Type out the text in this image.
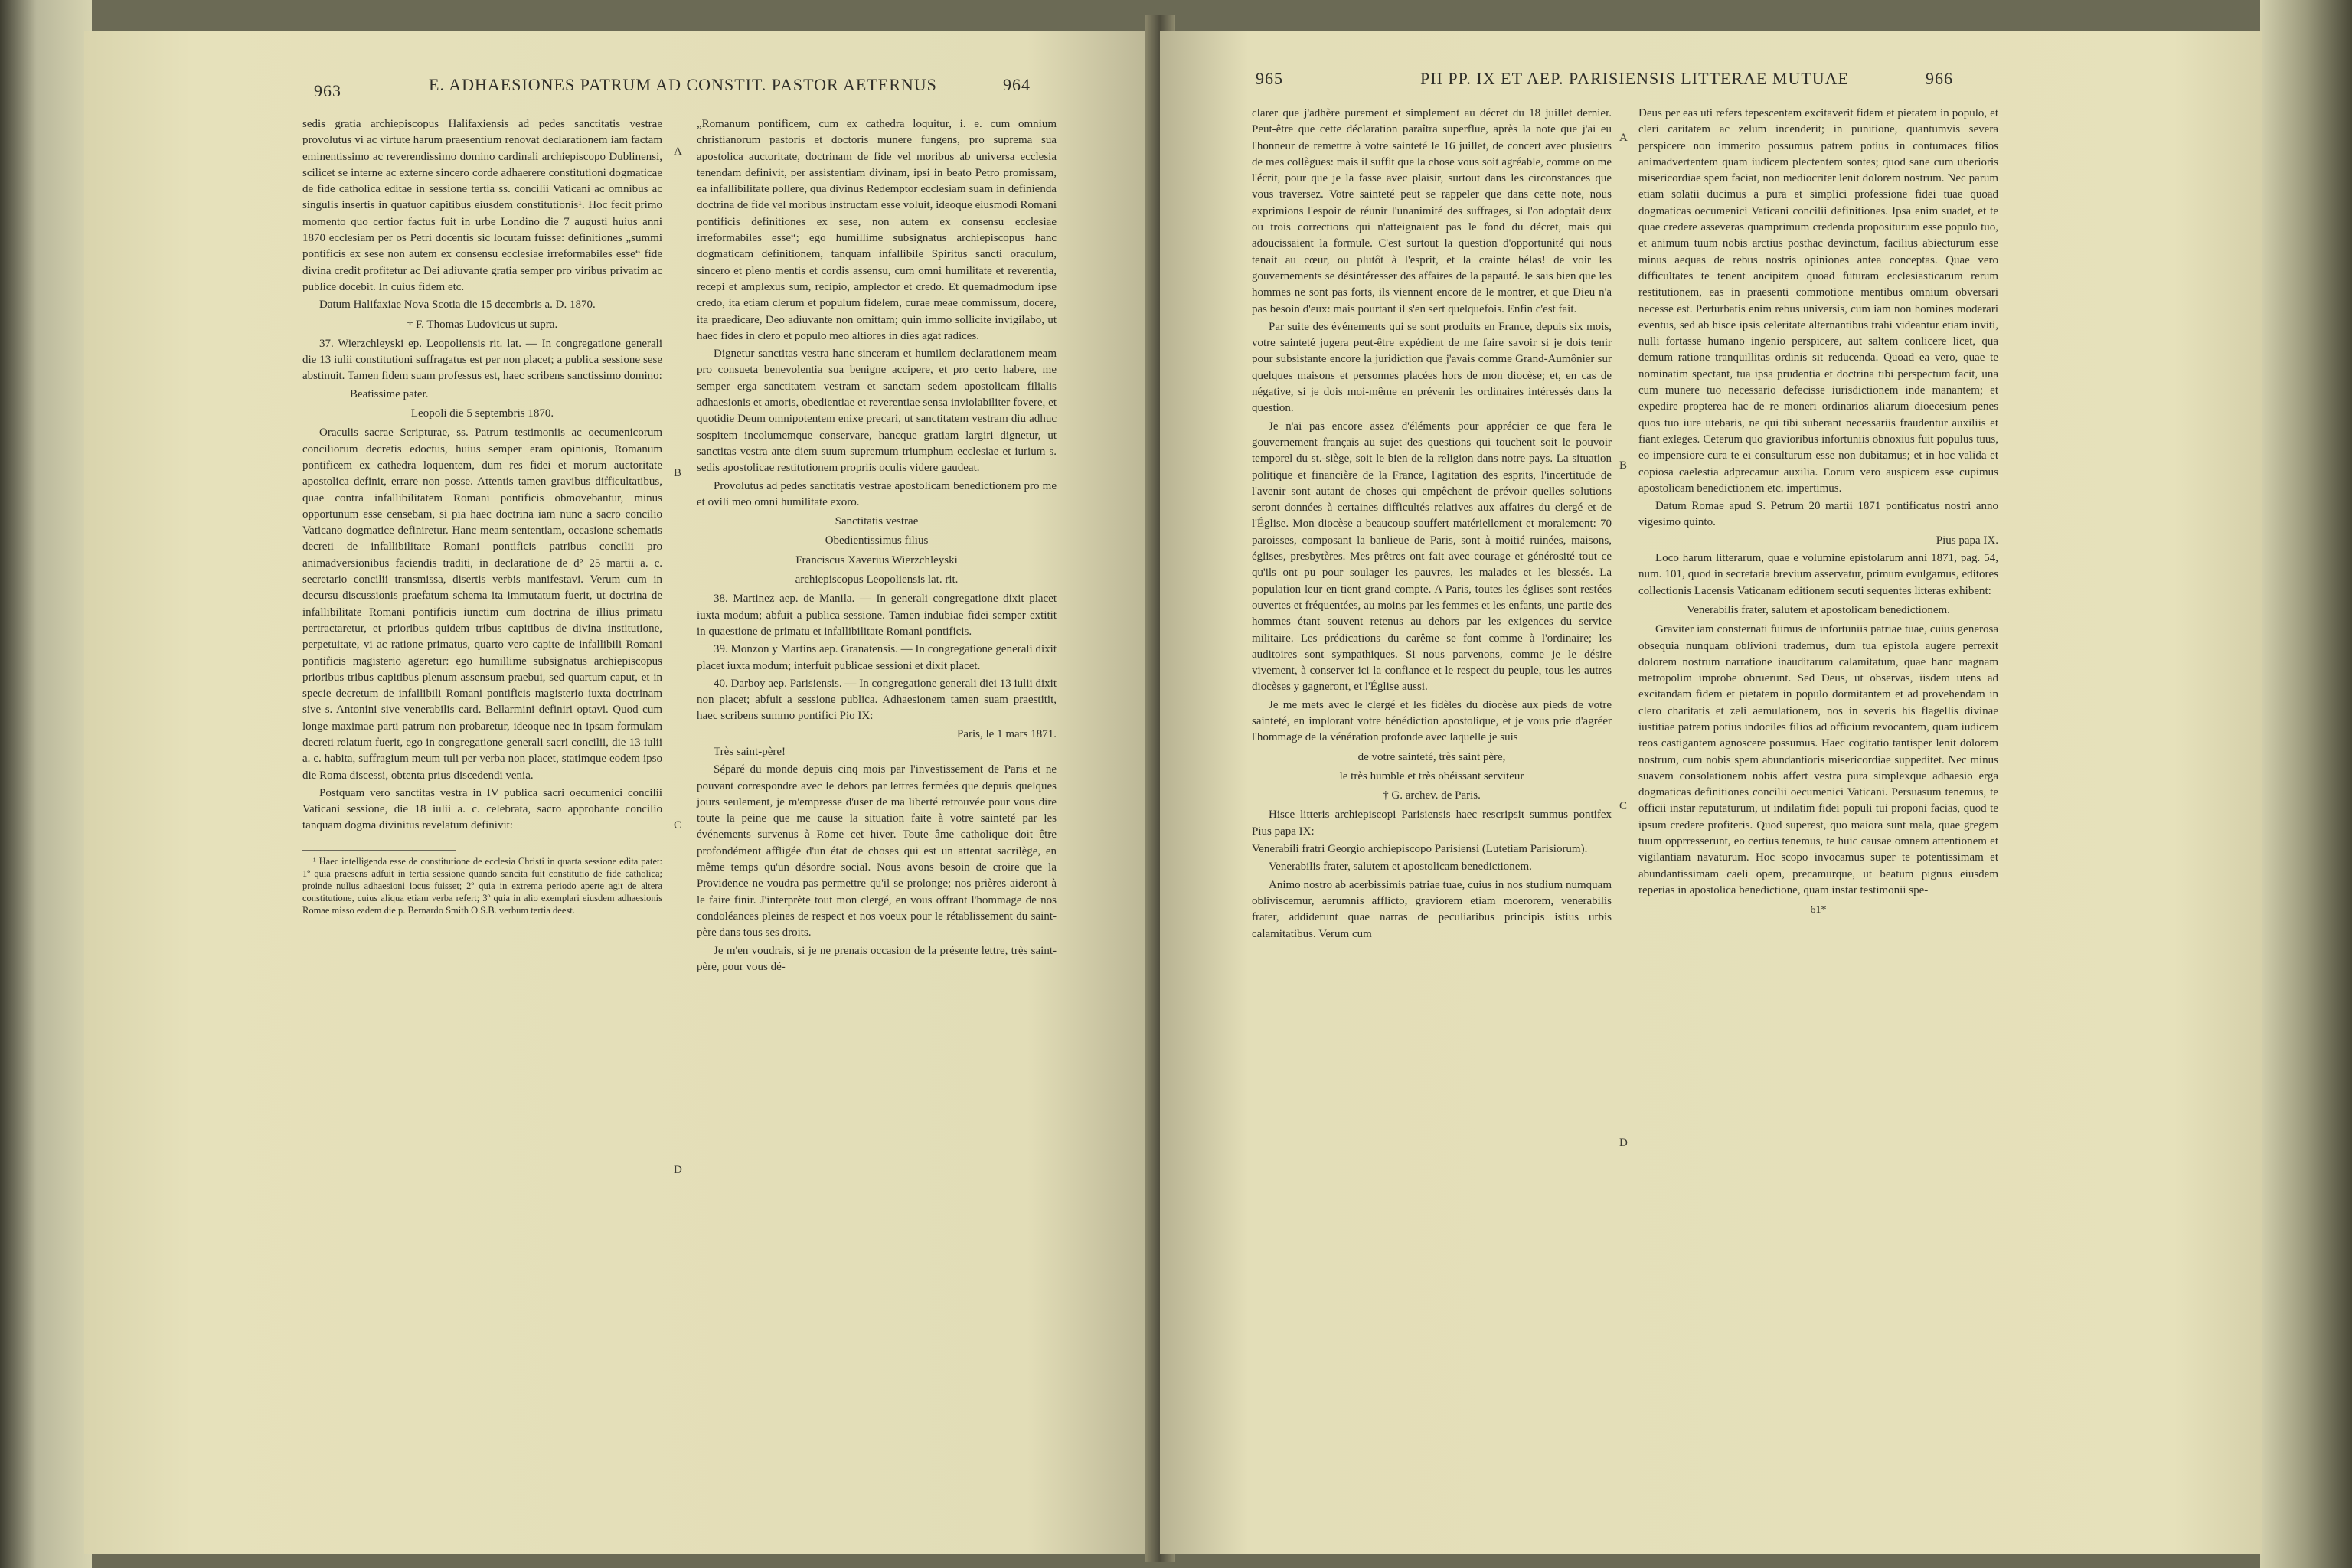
963	E. ADHAESIONES PATRUM AD CONSTIT. PASTOR AETERNUS	964

sedis gratia archiepiscopus Halifaxiensis ad pedes sanctitatis vestrae provolutus vi ac virtute harum praesentium renovat declarationem iam factam eminentissimo ac reverendissimo domino cardinali archiepiscopo Dublinensi, scilicet se interne ac externe sincero corde adhaerere constitutioni dogmaticae de fide catholica editae in sessione tertia ss. concilii Vaticani ac omnibus ac singulis insertis in quatuor capitibus eiusdem constitutionis¹. Hoc fecit primo momento quo certior factus fuit in urbe Londino die 7 augusti huius anni 1870 ecclesiam per os Petri docentis sic locutam fuisse: definitiones „summi pontificis ex sese non autem ex consensu ecclesiae irreformabiles esse“ fide divina credit profitetur ac Dei adiuvante gratia semper pro viribus privatim ac publice docebit. In cuius fidem etc.

Datum Halifaxiae Nova Scotia die 15 decembris a. D. 1870.

† F. Thomas Ludovicus ut supra.

37. Wierzchleyski ep. Leopoliensis rit. lat. — In congregatione generali die 13 iulii constitutioni suffragatus est per non placet; a publica sessione sese abstinuit. Tamen fidem suam professus est, haec scribens sanctissimo domino:

Beatissime pater.

Leopoli die 5 septembris 1870.

Oraculis sacrae Scripturae, ss. Patrum testimoniis ac oecumenicorum conciliorum decretis edoctus, huius semper eram opinionis, Romanum pontificem ex cathedra loquentem, dum res fidei et morum auctoritate apostolica definit, errare non posse. Attentis tamen gravibus difficultatibus, quae contra infallibilitatem Romani pontificis obmovebantur, minus opportunum esse censebam, si pia haec doctrina iam nunc a sacro concilio Vaticano dogmatice definiretur. Hanc meam sententiam, occasione schematis decreti de infallibilitate Romani pontificis patribus concilii pro animadversionibus faciendis traditi, in declaratione de dº 25 martii a. c. secretario concilii transmissa, disertis verbis manifestavi. Verum cum in decursu discussionis praefatum schema ita immutatum fuerit, ut doctrina de infallibilitate Romani pontificis iunctim cum doctrina de illius primatu pertractaretur, et prioribus quidem tribus capitibus de divina institutione, perpetuitate, vi ac ratione primatus, quarto vero capite de infallibili Romani pontificis magisterio ageretur: ego humillime subsignatus archiepiscopus prioribus tribus capitibus plenum assensum praebui, sed quartum caput, et in specie decretum de infallibili Romani pontificis magisterio iuxta doctrinam sive s. Antonini sive venerabilis card. Bellarmini definiri optavi. Quod cum longe maximae parti patrum non probaretur, ideoque nec in ipsam formulam decreti relatum fuerit, ego in congregatione generali sacri concilii, die 13 iulii a. c. habita, suffragium meum tuli per verba non placet, statimque eodem ipso die Roma discessi, obtenta prius discedendi venia.

Postquam vero sanctitas vestra in IV publica sacri oecumenici concilii Vaticani sessione, die 18 iulii a. c. celebrata, sacro approbante concilio tanquam dogma divinitus revelatum definivit:

¹ Haec intelligenda esse de constitutione de ecclesia Christi in quarta sessione edita patet: 1º quia praesens adfuit in tertia sessione quando sancita fuit constitutio de fide catholica; proinde nullus adhaesioni locus fuisset; 2º quia in extrema periodo aperte agit de altera constitutione, cuius aliqua etiam verba refert; 3º quia in alio exemplari eiusdem adhaesionis Romae misso eadem die p. Bernardo Smith O.S.B. verbum tertia deest.

„Romanum pontificem, cum ex cathedra loquitur, i. e. cum omnium christianorum pastoris et doctoris munere fungens, pro suprema sua apostolica auctoritate, doctrinam de fide vel moribus ab universa ecclesia tenendam definivit, per assistentiam divinam, ipsi in beato Petro promissam, ea infallibilitate pollere, qua divinus Redemptor ecclesiam suam in definienda doctrina de fide vel moribus instructam esse voluit, ideoque eiusmodi Romani pontificis definitiones ex sese, non autem ex consensu ecclesiae irreformabiles esse“; ego humillime subsignatus archiepiscopus hanc dogmaticam definitionem, tanquam infallibile Spiritus sancti oraculum, sincero et pleno mentis et cordis assensu, cum omni humilitate et reverentia, recepi et amplexus sum, recipio, amplector et credo. Et quemadmodum ipse credo, ita etiam clerum et populum fidelem, curae meae commissum, docere, ita praedicare, Deo adiuvante non omittam; quin immo sollicite invigilabo, ut haec fides in clero et populo meo altiores in dies agat radices.

Dignetur sanctitas vestra hanc sinceram et humilem declarationem meam pro consueta benevolentia sua benigne accipere, et pro certo habere, me semper erga sanctitatem vestram et sanctam sedem apostolicam filialis adhaesionis et amoris, obedientiae et reverentiae sensa inviolabiliter fovere, et quotidie Deum omnipotentem enixe precari, ut sanctitatem vestram diu adhuc sospitem incolumemque conservare, hancque gratiam largiri dignetur, ut sanctitas vestra ante diem suum supremum triumphum ecclesiae et iurium s. sedis apostolicae restitutionem propriis oculis videre gaudeat.

Provolutus ad pedes sanctitatis vestrae apostolicam benedictionem pro me et ovili meo omni humilitate exoro.

Sanctitatis vestrae

Obedientissimus filius

Franciscus Xaverius Wierzchleyski

archiepiscopus Leopoliensis lat. rit.

38. Martinez aep. de Manila. — In generali congregatione dixit placet iuxta modum; abfuit a publica sessione. Tamen indubiae fidei semper extitit in quaestione de primatu et infallibilitate Romani pontificis.

39. Monzon y Martins aep. Granatensis. — In congregatione generali dixit placet iuxta modum; interfuit publicae sessioni et dixit placet.

40. Darboy aep. Parisiensis. — In congregatione generali diei 13 iulii dixit non placet; abfuit a sessione publica. Adhaesionem tamen suam praestitit, haec scribens summo pontifici Pio IX:

Paris, le 1 mars 1871.

Très saint-père!

Séparé du monde depuis cinq mois par l'investissement de Paris et ne pouvant correspondre avec le dehors par lettres fermées que depuis quelques jours seulement, je m'empresse d'user de ma liberté retrouvée pour vous dire toute la peine que me cause la situation faite à votre sainteté par les événements survenus à Rome cet hiver. Toute âme catholique doit être profondément affligée d'un état de choses qui est un attentat sacrilège, en même temps qu'un désordre social. Nous avons besoin de croire que la Providence ne voudra pas permettre qu'il se prolonge; nos prières aideront à le faire finir. J'interprète tout mon clergé, en vous offrant l'hommage de nos condoléances pleines de respect et nos voeux pour le rétablissement du saint-père dans tous ses droits.

Je m'en voudrais, si je ne prenais occasion de la présente lettre, très saint-père, pour vous dé-

A
B
C
D
965	PII PP. IX ET AEP. PARISIENSIS LITTERAE MUTUAE	966

clarer que j'adhère purement et simplement au décret du 18 juillet dernier. Peut-être que cette déclaration paraîtra superflue, après la note que j'ai eu l'honneur de remettre à votre sainteté le 16 juillet, de concert avec plusieurs de mes collègues: mais il suffit que la chose vous soit agréable, comme on me l'écrit, pour que je la fasse avec plaisir, surtout dans les circonstances que vous traversez. Votre sainteté peut se rappeler que dans cette note, nous exprimions l'espoir de réunir l'unanimité des suffrages, si l'on adoptait deux ou trois corrections qui n'atteignaient pas le fond du décret, mais qui adoucissaient la formule. C'est surtout la question d'opportunité qui nous tenait au cœur, ou plutôt à l'esprit, et la crainte hélas! de voir les gouvernements se désintéresser des affaires de la papauté. Je sais bien que les hommes ne sont pas forts, ils viennent encore de le montrer, et que Dieu n'a pas besoin d'eux: mais pourtant il s'en sert quelquefois. Enfin c'est fait.

Par suite des événements qui se sont produits en France, depuis six mois, votre sainteté jugera peut-être expédient de me faire savoir si je dois tenir pour subsistante encore la juridiction que j'avais comme Grand-Aumônier sur quelques maisons et personnes placées hors de mon diocèse; et, en cas de négative, si je dois moi-même en prévenir les ordinaires intéressés dans la question.

Je n'ai pas encore assez d'éléments pour apprécier ce que fera le gouvernement français au sujet des questions qui touchent soit le pouvoir temporel du st.-siège, soit le bien de la religion dans notre pays. La situation politique et financière de la France, l'agitation des esprits, l'incertitude de l'avenir sont autant de choses qui empêchent de prévoir quelles solutions seront données à certaines difficultés relatives aux affaires du clergé et de l'Église. Mon diocèse a beaucoup souffert matériellement et moralement: 70 paroisses, composant la banlieue de Paris, sont à moitié ruinées, maisons, églises, presbytères. Mes prêtres ont fait avec courage et générosité tout ce qu'ils ont pu pour soulager les pauvres, les malades et les blessés. La population leur en tient grand compte. A Paris, toutes les églises sont restées ouvertes et fréquentées, au moins par les femmes et les enfants, une partie des hommes étant souvent retenus au dehors par les exigences du service militaire. Les prédications du carême se font comme à l'ordinaire; les auditoires sont sympathiques. Si nous parvenons, comme je le désire vivement, à conserver ici la confiance et le respect du peuple, tous les autres diocèses y gagneront, et l'Église aussi.

Je me mets avec le clergé et les fidèles du diocèse aux pieds de votre sainteté, en implorant votre bénédiction apostolique, et je vous prie d'agréer l'hommage de la vénération profonde avec laquelle je suis

de votre sainteté, très saint père,

le très humble et très obéissant serviteur

† G. archev. de Paris.

Hisce litteris archiepiscopi Parisiensis haec rescripsit summus pontifex Pius papa IX:

Venerabili fratri Georgio archiepiscopo Parisiensi (Lutetiam Parisiorum).

Venerabilis frater, salutem et apostolicam benedictionem.

Animo nostro ab acerbissimis patriae tuae, cuius in nos studium numquam obliviscemur, aerumnis afflicto, graviorem etiam moerorem, venerabilis frater, addiderunt quae narras de peculiaribus principis istius urbis calamitatibus. Verum cum

Deus per eas uti refers tepescentem excitaverit fidem et pietatem in populo, et cleri caritatem ac zelum incenderit; in punitione, quantumvis severa perspicere non immerito possumus patrem potius in contumaces filios animadvertentem quam iudicem plectentem sontes; quod sane cum uberioris misericordiae spem faciat, non mediocriter lenit dolorem nostrum. Nec parum etiam solatii ducimus a pura et simplici professione fidei tuae quoad dogmaticas oecumenici Vaticani concilii definitiones. Ipsa enim suadet, et te quae credere asseveras quamprimum credenda propositurum esse populo tuo, et animum tuum nobis arctius posthac devinctum, facilius abiecturum esse minus aequas de rebus nostris opiniones antea conceptas. Quae vero difficultates te tenent ancipitem quoad futuram ecclesiasticarum rerum restitutionem, eas in praesenti commotione mentibus omnium obversari necesse est. Perturbatis enim rebus universis, cum iam non homines moderari eventus, sed ab hisce ipsis celeritate alternantibus trahi videantur etiam inviti, nulli fortasse humano ingenio perspicere, aut saltem conlicere licet, qua demum ratione tranquillitas ordinis sit reducenda. Quoad ea vero, quae te nominatim spectant, tua ipsa prudentia et doctrina tibi perspectum facit, una cum munere tuo necessario defecisse iurisdictionem inde manantem; et expedire propterea hac de re moneri ordinarios aliarum dioecesium penes quos tuo iure utebaris, ne qui tibi suberant necessariis fraudentur auxiliis et fiant exleges. Ceterum quo gravioribus infortuniis obnoxius fuit populus tuus, eo impensiore cura te ei consulturum esse non dubitamus; et in hoc valida et copiosa caelestia adprecamur auxilia. Eorum vero auspicem esse cupimus apostolicam benedictionem etc. impertimus.

Datum Romae apud S. Petrum 20 martii 1871 pontificatus nostri anno vigesimo quinto.

Pius papa IX.

Loco harum litterarum, quae e volumine epistolarum anni 1871, pag. 54, num. 101, quod in secretaria brevium asservatur, primum evulgamus, editores collectionis Lacensis Vaticanam editionem secuti sequentes litteras exhibent:

Venerabilis frater, salutem et apostolicam benedictionem.

Graviter iam consternati fuimus de infortuniis patriae tuae, cuius generosa obsequia nunquam oblivioni trademus, dum tua epistola augere perrexit dolorem nostrum narratione inauditarum calamitatum, quae hanc magnam metropolim improbe obruerunt. Sed Deus, ut observas, iisdem utens ad excitandam fidem et pietatem in populo dormitantem et ad provehendam in clero charitatis et zeli aemulationem, nos in severis his flagellis divinae iustitiae patrem potius indociles filios ad officium revocantem, quam iudicem reos castigantem agnoscere possumus. Haec cogitatio tantisper lenit dolorem nostrum, cum nobis spem abundantioris misericordiae suppeditet. Nec minus suavem consolationem nobis affert vestra pura simplexque adhaesio erga dogmaticas definitiones concilii oecumenici Vaticani. Persuasum tenemus, te officii instar reputaturum, ut indilatim fidei populi tui proponi facias, quod te ipsum credere profiteris. Quod superest, quo maiora sunt mala, quae gregem tuum opprresserunt, eo certius tenemus, te huic causae omnem attentionem et vigilantiam navaturum. Hoc scopo invocamus super te potentissimam et abundantissimam caeli opem, precamurque, ut beatum pignus eiusdem reperias in apostolica benedictione, quam instar testimonii spe-

61*
A
B
C
D
